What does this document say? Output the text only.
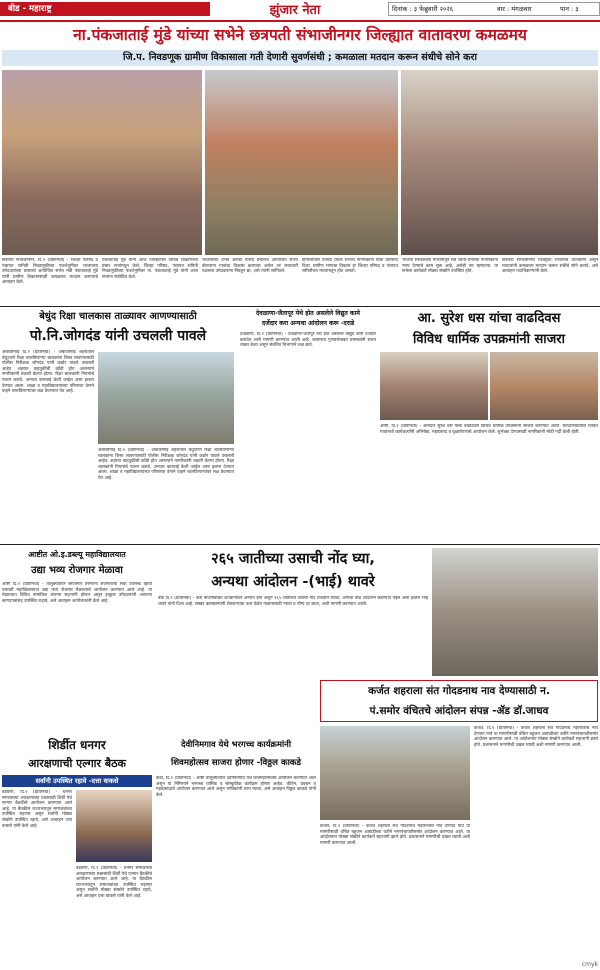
बीड - महाराष्ट्र	झुंजार नेता	दिनांक : ३ फेब्रुवारी २०२६	वार : मंगळवार	पान : ३
ना.पंकजाताई मुंडे यांच्या सभेने छत्रपती संभाजीनगर जिल्ह्यात वातावरण कमळमय
जि.प. निवडणूक ग्रामीण विकासाला गती देणारी सुवर्णसंधी ; कमळाला मतदान करून संधीचे सोने करा
छत्रपती संभाजीनगर, दि.२ (प्रतिनिधी) - जिल्हा परिषद व पंचायत समिती निवडणुकीच्या पार्श्वभूमीवर भाजपच्या उमेदवारांच्या प्रचारार्थ आयोजित सभेत मंत्री पंकजाताई मुंडे यांनी ग्रामीण विकासासाठी कमळाला मतदान करण्याचे आवाहन केले.
पंकजाताई मुंडे यांनी आज जिल्हातील विविध ठिकाणच्या प्रचार सभांमधून केले. जिल्हा परिषद, पंचायत समिती निवडणुकीच्या पार्श्वभूमीवर ना. पंकजाताई मुंडे यांनी आज सभांना संबोधित केले.
भाजपाच्या वैभव ओल्डा यांच्या प्रचाराथ आयोजित सभेत बोलताना गावांचा विकास करायचा असेल तर सत्ताधारी पक्षाच्या उमेदवारांना निवडून द्या, असे त्यांनी सांगितले.
हिंगोलीतील त्यांच्या प्रचार सभेला नागरिकांनी मोठा प्रतिसाद दिला. ग्रामीण भागाचा विकास हा जिल्हा परिषद व पंचायत समितीच्या माध्यमातून होत असतो.
भाजपा सरकारच्या माध्यमातून सर्व जाती-धर्माच्या नागरिकांना न्याय देण्याचे काम सुरू आहे, असेही त्या म्हणाल्या. या सभेला कार्यकर्ते मोठ्या संख्येने उपस्थित होते.
छत्रपती संभाजीनगर जिल्ह्यात भाजपाचे वातावरण असून मतदारांनी कमळाला मतदान करून संधीचे सोने करावे, असे आवाहन पदाधिकाऱ्यांनी केले.
बेधुंद रिक्षा चालकास ताळ्यावर आणण्यासाठी
पो.नि.जोगदंड यांनी उचलली पावले
अंबाजोगाई दि.२ (प्रतिनिधी) - अंबाजोगाई शहरातील बेधुंदपणे रिक्षा चालविणाऱ्या चालकांना शिस्त लावण्यासाठी पोलीस निरीक्षक जोगदंड यांनी कठोर पावले उचलली आहेत. शहरात वाहतुकीची कोंडी होत असल्याने नागरिकांनी तक्रारी केल्या होत्या. रिक्षा चालकांनी नियमांचे पालन करावे, अन्यथा कारवाई केली जाईल असा इशारा देण्यात आला. शाळा व महाविद्यालयांच्या परिसरात वेगाने वाहने चालविणाऱ्यांवर लक्ष ठेवण्यात येत आहे.
अंबाजोगाई दि.२ (प्रतिनिधी) - अंबाजोगाई शहरातील बेधुंदपणे रिक्षा चालविणाऱ्या चालकांना शिस्त लावण्यासाठी पोलीस निरीक्षक जोगदंड यांनी कठोर पावले उचलली आहेत. शहरात वाहतुकीची कोंडी होत असल्याने नागरिकांनी तक्रारी केल्या होत्या. रिक्षा चालकांनी नियमांचे पालन करावे, अन्यथा कारवाई केली जाईल असा इशारा देण्यात आला. शाळा व महाविद्यालयांच्या परिसरात वेगाने वाहने चालविणाऱ्यांवर लक्ष ठेवण्यात येत आहे.
देवळाणा-जैतापूर येथे होत असलेले विद्युत कामे
दर्जेदार करा अन्यथा आंदोलन करू -दराडे
देवळाणा, दि.२ (प्रतिनिधी) - देवळाणा-जैतापूर येथे होत असलेले विद्युत कामे दर्जेदार करावेत अशी मागणी करण्यात आली आहे. कामाच्या गुणवत्तेबाबत ग्रामस्थांनी संशय व्यक्त केला असून संबंधित विभागाने लक्ष द्यावे.
आ. सुरेश धस यांचा वाढदिवस
विविध धार्मिक उपक्रमांनी साजरा
आष्टी, दि.२ (प्रतिनिधी) - आमदार सुरेश धस यांचा वाढदिवस विविध धार्मिक उपक्रमांनी साजरा करण्यात आला. मतदारसंघातील विविध गावांमध्ये कार्यकर्त्यांनी अभिषेक, महाप्रसाद व वृक्षारोपणाचे आयोजन केले. शुभेच्छा देण्यासाठी नागरिकांनी मोठी गर्दी केली होती.
आष्टीत ओ.इ.डब्ल्यू महाविद्यालयात
उद्या भव्य रोजगार मेळावा
आष्टी दि.२ (प्रतिनिधी) - तालुक्यातील बेरोजगार तरुणांना रोजगाराची संधी उपलब्ध व्हावी यासाठी महाविद्यालयात उद्या भव्य रोजगार मेळाव्याचे आयोजन करण्यात आले आहे. या मेळाव्यात विविध नामांकित कंपन्या सहभागी होणार असून इच्छुक उमेदवारांनी आपल्या कागदपत्रांसह उपस्थित राहावे, असे आवाहन आयोजकांनी केले आहे.
२६५ जातीच्या उसाची नोंद घ्या,
अन्यथा आंदोलन -(भाई) थावरे
बीड दि.२ (प्रतिनिधी) - ऊस नोंदणीबाबत शेतकऱ्यांवर अन्याय होत असून २६५ जातीच्या उसाची नोंद तातडीने घ्यावी, अन्यथा तीव्र आंदोलन छेडण्यात येईल असा इशारा भाई थावरे यांनी दिला आहे. साखर कारखान्यांनी शेतकऱ्यांचा ऊस वेळेत गाळपासाठी न्यावा व योग्य दर द्यावा, अशी मागणी करण्यात आली.
कर्जत शहराला संत गोदडनाथ नाव देण्यासाठी न.
पं.समोर वंचितचे आंदोलन संपन्न -ॲड डॉ.जाधव
कर्जत, दि.२ (प्रतिनिधी) - कर्जत शहराला संत गोदडनाथ महाराजांचे नाव देण्यात यावे या मागणीसाठी वंचित बहुजन आघाडीच्या वतीने नगरपंचायतीसमोर आंदोलन करण्यात आले. या आंदोलनात मोठ्या संख्येने कार्यकर्ते सहभागी झाले होते. प्रशासनाने मागणीची दखल घ्यावी अशी मागणी करण्यात आली.
कर्जत, दि.२ (प्रतिनिधी) - कर्जत शहराला संत गोदडनाथ महाराजांचे नाव देण्यात यावे या मागणीसाठी वंचित बहुजन आघाडीच्या वतीने नगरपंचायतीसमोर आंदोलन करण्यात आले. या आंदोलनात मोठ्या संख्येने कार्यकर्ते सहभागी झाले होते. प्रशासनाने मागणीची दखल घ्यावी अशी मागणी करण्यात आली.
शिर्डीत धनगर
आरक्षणाची एल्गार बैठक
सर्वांनी उपस्थित रहावे -दत्ता वाकसे
वडवणी, दि.२ (प्रतिनिधी) - धनगर समाजाच्या आरक्षणाच्या प्रश्नासाठी शिर्डी येथे एल्गार बैठकीचे आयोजन करण्यात आले आहे. या बैठकीस राज्यभरातून समाजबांधव उपस्थित राहणार असून सर्वांनी मोठ्या संख्येने उपस्थित रहावे, असे आवाहन दत्ता वाकसे यांनी केले आहे.
वडवणी, दि.२ (प्रतिनिधी) - धनगर समाजाच्या आरक्षणाच्या प्रश्नासाठी शिर्डी येथे एल्गार बैठकीचे आयोजन करण्यात आले आहे. या बैठकीस राज्यभरातून समाजबांधव उपस्थित राहणार असून सर्वांनी मोठ्या संख्येने उपस्थित रहावे, असे आवाहन दत्ता वाकसे यांनी केले आहे.
देवीनिमगाव येथे भरगच्च कार्यक्रमांनी
शिवमहोत्सव साजरा होणार -विठ्ठल काकडे
कडा, दि.२ (प्रतिनिधी) - आष्टी तालुक्यातील देवीनिमगाव येथे शिवमहोत्सवाचे आयोजन करण्यात आले असून या निमित्ताने भरगच्च धार्मिक व सांस्कृतिक कार्यक्रम होणार आहेत. कीर्तन, प्रवचन व महाप्रसादाचे आयोजन करण्यात आले असून भाविकांनी लाभ घ्यावा, असे आवाहन विठ्ठल काकडे यांनी केले.
cmyk
